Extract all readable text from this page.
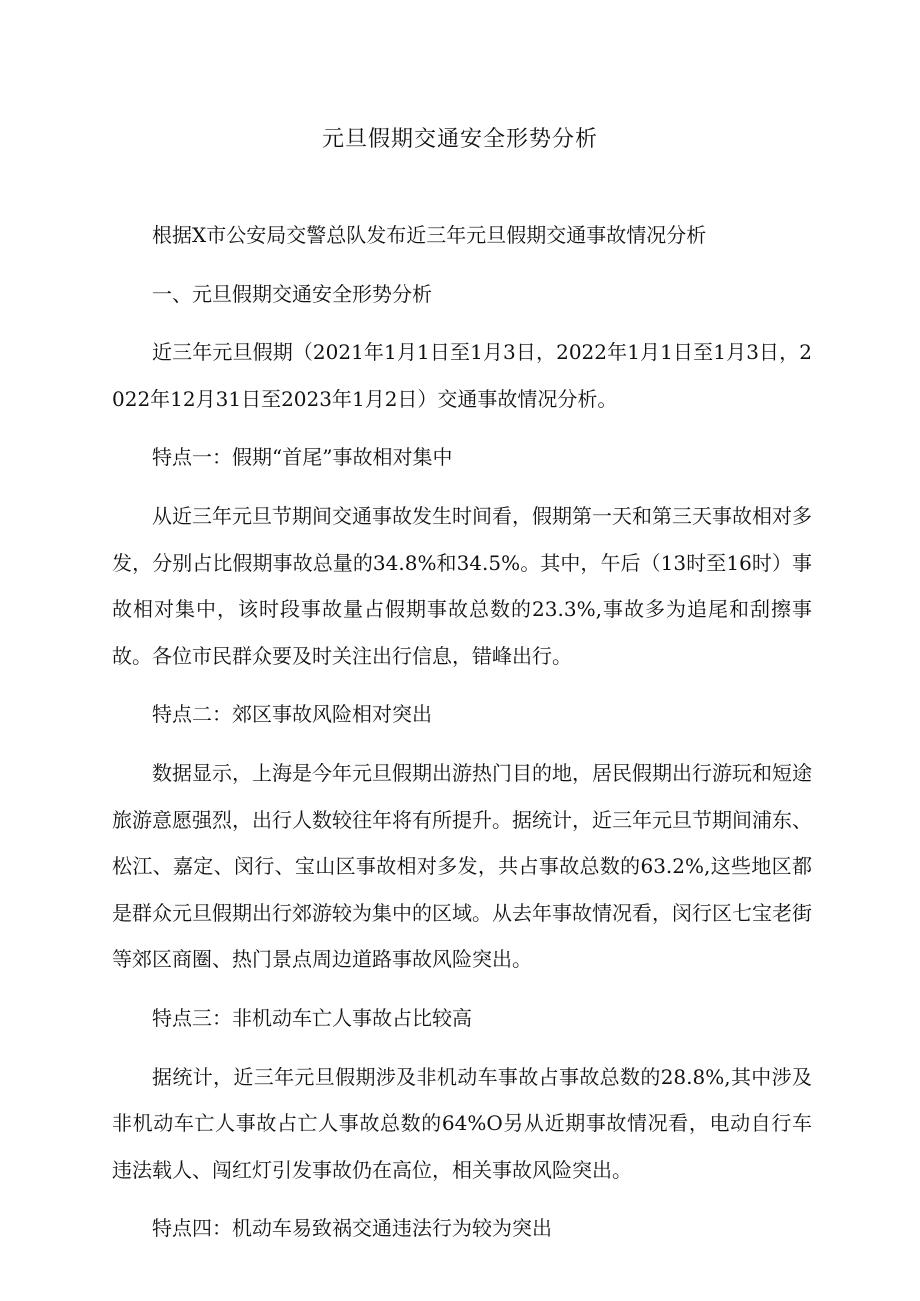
元旦假期交通安全形势分析

根据X市公安局交警总队发布近三年元旦假期交通事故情况分析

一、元旦假期交通安全形势分析

近三年元旦假期（2021年1月1日至1月3日，2022年1月1日至1月3日，2022年12月31日至2023年1月2日）交通事故情况分析。

特点一：假期“首尾”事故相对集中

从近三年元旦节期间交通事故发生时间看，假期第一天和第三天事故相对多发，分别占比假期事故总量的34.8%和34.5%。其中，午后（13时至16时）事故相对集中，该时段事故量占假期事故总数的23.3%,事故多为追尾和刮擦事故。各位市民群众要及时关注出行信息，错峰出行。

特点二：郊区事故风险相对突出

数据显示，上海是今年元旦假期出游热门目的地，居民假期出行游玩和短途旅游意愿强烈，出行人数较往年将有所提升。据统计，近三年元旦节期间浦东、松江、嘉定、闵行、宝山区事故相对多发，共占事故总数的63.2%,这些地区都是群众元旦假期出行郊游较为集中的区域。从去年事故情况看，闵行区七宝老街等郊区商圈、热门景点周边道路事故风险突出。

特点三：非机动车亡人事故占比较高

据统计，近三年元旦假期涉及非机动车事故占事故总数的28.8%,其中涉及非机动车亡人事故占亡人事故总数的64%O另从近期事故情况看，电动自行车违法载人、闯红灯引发事故仍在高位，相关事故风险突出。

特点四：机动车易致祸交通违法行为较为突出
